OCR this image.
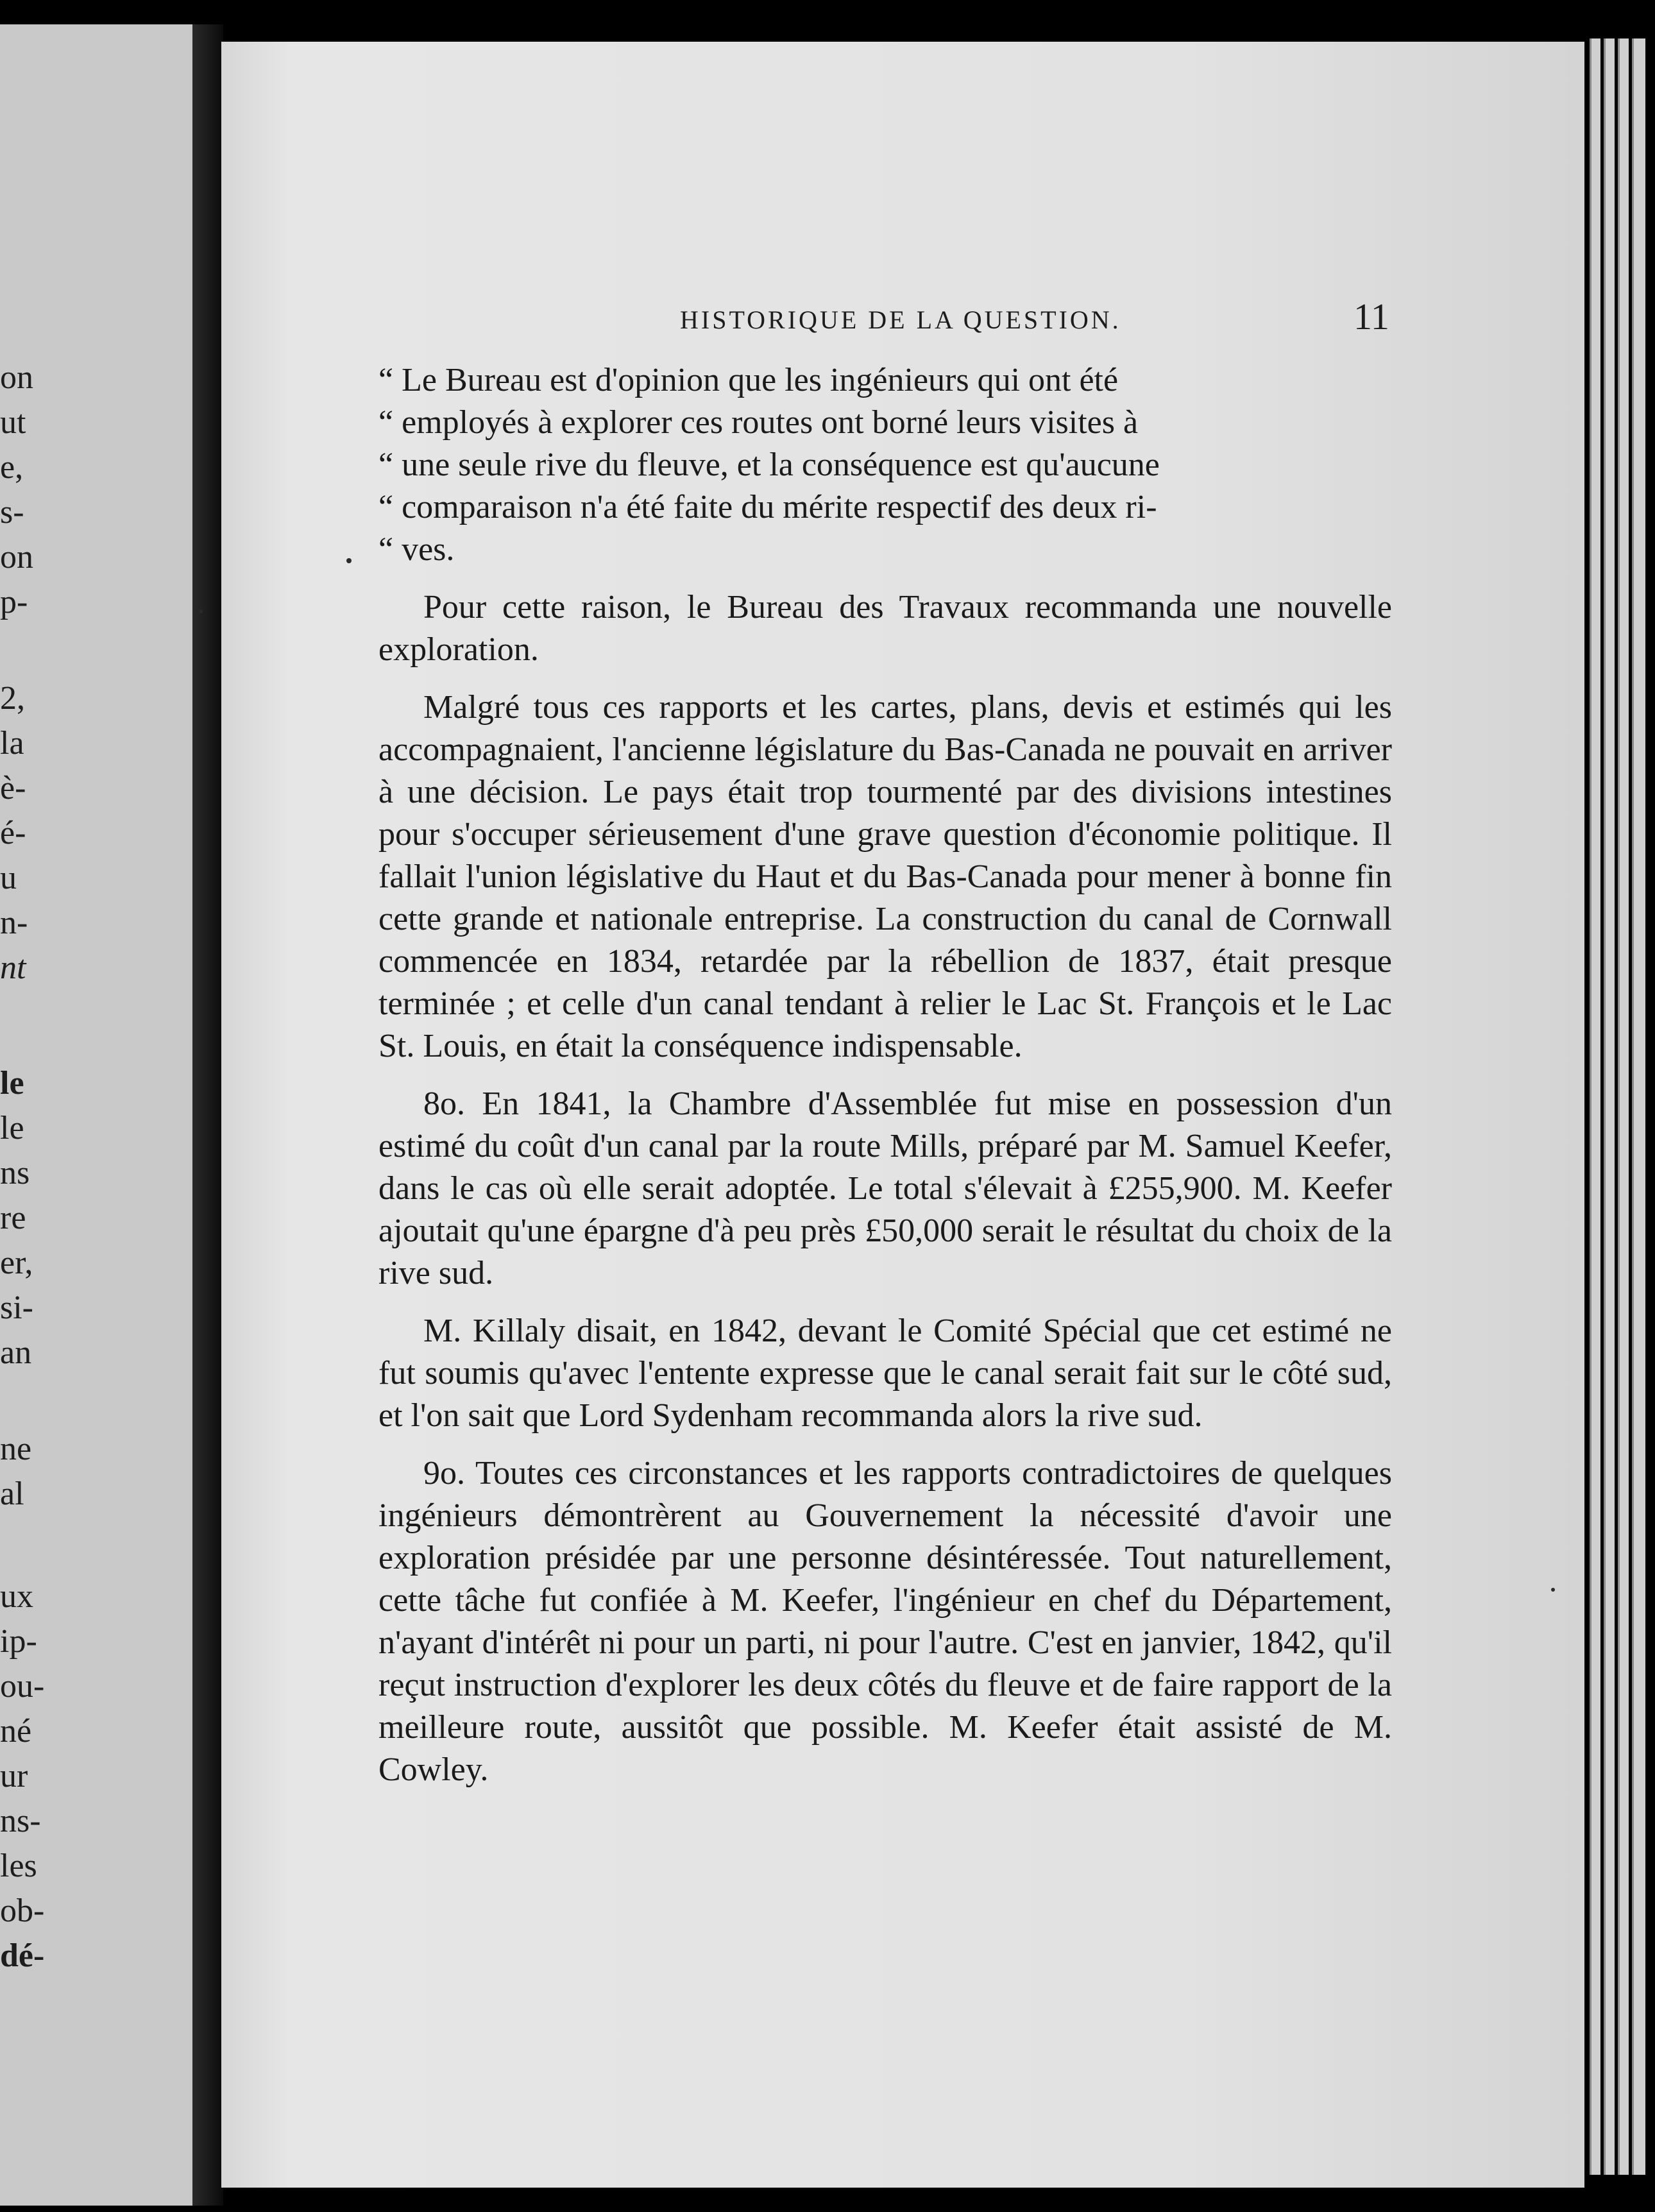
on
ut
e,
s-
on
p-
2,
la
è-
é-
u
n-
nt
le
le
ns
re
er,
si-
an
ne
al
ux
ip-
ou-
né
ur
ns-
les
ob-
dé-
HISTORIQUE DE LA QUESTION.	11

“ Le Bureau est d'opinion que les ingénieurs qui ont été
“ employés à explorer ces routes ont borné leurs visites à
“ une seule rive du fleuve, et la conséquence est qu'aucune
“ comparaison n'a été faite du mérite respectif des deux ri-
“ ves.

Pour cette raison, le Bureau des Travaux recommanda une nouvelle exploration.

Malgré tous ces rapports et les cartes, plans, devis et estimés qui les accompagnaient, l'ancienne législature du Bas-Canada ne pouvait en arriver à une décision. Le pays était trop tourmenté par des divisions intestines pour s'occuper sérieusement d'une grave question d'économie politique. Il fallait l'union législative du Haut et du Bas-Canada pour mener à bonne fin cette grande et nationale entreprise. La construction du canal de Cornwall commencée en 1834, retardée par la rébellion de 1837, était presque terminée ; et celle d'un canal tendant à relier le Lac St. François et le Lac St. Louis, en était la conséquence indispensable.

8o. En 1841, la Chambre d'Assemblée fut mise en possession d'un estimé du coût d'un canal par la route Mills, préparé par M. Samuel Keefer, dans le cas où elle serait adoptée. Le total s'élevait à £255,900. M. Keefer ajoutait qu'une épargne d'à peu près £50,000 serait le résultat du choix de la rive sud.

M. Killaly disait, en 1842, devant le Comité Spécial que cet estimé ne fut soumis qu'avec l'entente expresse que le canal serait fait sur le côté sud, et l'on sait que Lord Sydenham recommanda alors la rive sud.

9o. Toutes ces circonstances et les rapports contradictoires de quelques ingénieurs démontrèrent au Gouvernement la nécessité d'avoir une exploration présidée par une personne désintéressée. Tout naturellement, cette tâche fut confiée à M. Keefer, l'ingénieur en chef du Département, n'ayant d'intérêt ni pour un parti, ni pour l'autre. C'est en janvier, 1842, qu'il reçut instruction d'explorer les deux côtés du fleuve et de faire rapport de la meilleure route, aussitôt que possible. M. Keefer était assisté de M. Cowley.
